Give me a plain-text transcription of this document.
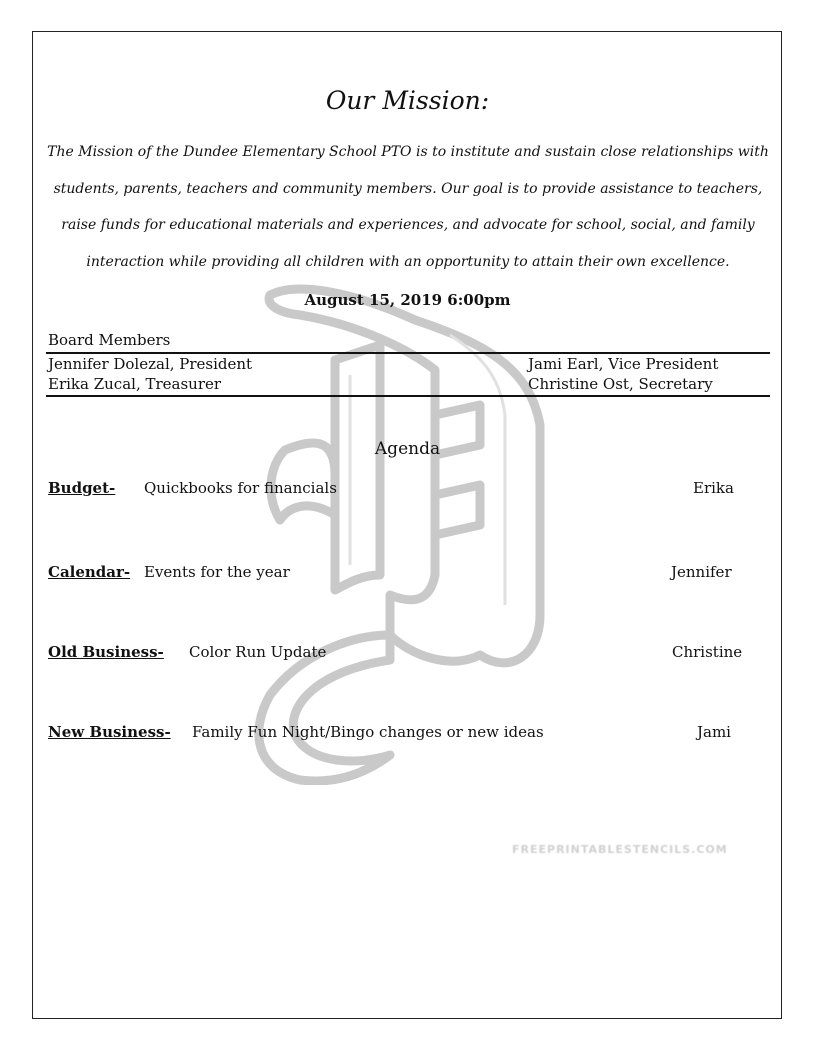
FREEPRINTABLESTENCILS.COM
Our Mission:
The Mission of the Dundee Elementary School PTO is to institute and sustain close relationships with students, parents, teachers and community members. Our goal is to provide assistance to teachers, raise funds for educational materials and experiences, and advocate for school, social, and family interaction while providing all children with an opportunity to attain their own excellence.
August 15, 2019 6:00pm
Board Members
Jennifer Dolezal, President	Jami Earl, Vice President
Erika Zucal, Treasurer	Christine Ost, Secretary
Agenda
Budget- Quickbooks for financials	Erika
Calendar- Events for the year	Jennifer
Old Business- Color Run Update	Christine
New Business- Family Fun Night/Bingo changes or new ideas	Jami
